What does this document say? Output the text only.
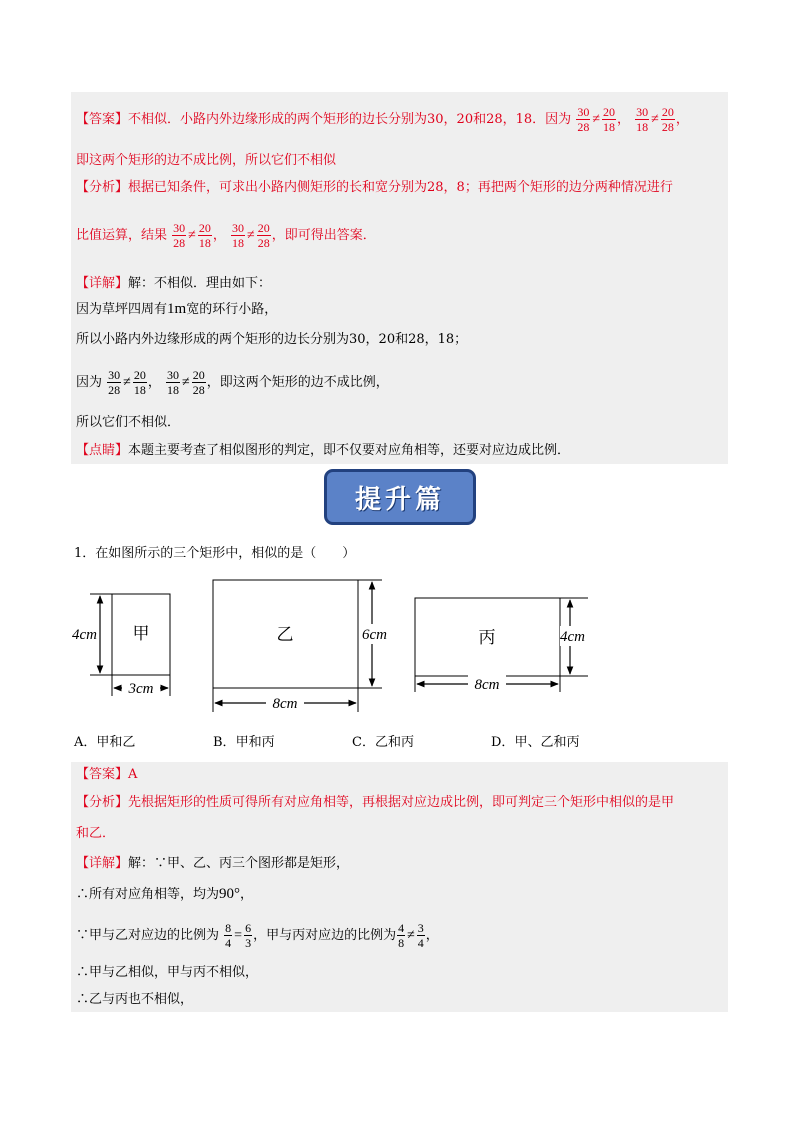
【答案】不相似．小路内外边缘形成的两个矩形的边长分别为30，20和28，18．因为 $\frac{30}{28} \ne \frac{20}{18}$ ， $\frac{30}{18} \ne \frac{20}{28}$ ，
即这两个矩形的边不成比例，所以它们不相似
【分析】根据已知条件，可求出小路内侧矩形的长和宽分别为28，8；再把两个矩形的边分两种情况进行
比值运算，结果 $\frac{30}{28} \ne \frac{20}{18}$ ， $\frac{30}{18} \ne \frac{20}{28}$ ，即可得出答案．
【详解】解：不相似．理由如下：
因为草坪四周有1m宽的环行小路，
所以小路内外边缘形成的两个矩形的边长分别为30，20和28，18；
因为 $\frac{30}{28} \ne \frac{20}{18}$ ， $\frac{30}{18} \ne \frac{20}{28}$ ，即这两个矩形的边不成比例，
所以它们不相似．
【点睛】本题主要考查了相似图形的判定，即不仅要对应角相等，还要对应边成比例．
提升篇
1．在如图所示的三个矩形中，相似的是（　　）
甲
4cm
3cm
乙	6cm
8cm
丙	4cm
8cm
A．甲和乙	B．甲和丙	C．乙和丙	D．甲、乙和丙
【答案】A
【分析】先根据矩形的性质可得所有对应角相等，再根据对应边成比例，即可判定三个矩形中相似的是甲
和乙．
【详解】解：∵甲、乙、丙三个图形都是矩形，
∴所有对应角相等，均为90°，
∵甲与乙对应边的比例为 $\frac{8}{4} = \frac{6}{3}$ ，甲与丙对应边的比例为 $\frac{4}{8} \ne \frac{3}{4}$ ，
∴甲与乙相似，甲与丙不相似，
∴乙与丙也不相似，
